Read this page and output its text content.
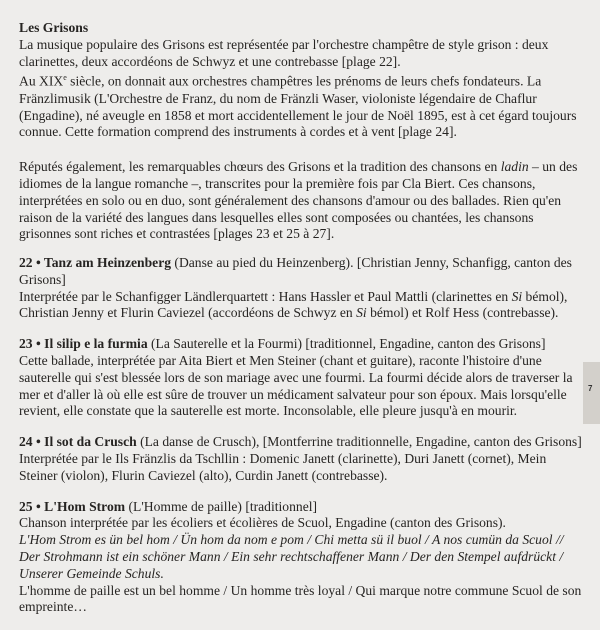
Les Grisons

La musique populaire des Grisons est représentée par l'orchestre champêtre de style grison : deux clarinettes, deux accordéons de Schwyz et une contrebasse [plage 22].
Au XIXe siècle, on donnait aux orchestres champêtres les prénoms de leurs chefs fondateurs. La Fränzlimusik (L'Orchestre de Franz, du nom de Fränzli Waser, violoniste légendaire de Chaflur (Engadine), né aveugle en 1858 et mort accidentellement le jour de Noël 1895, est à cet égard toujours connue. Cette formation comprend des instruments à cordes et à vent [plage 24].

Réputés également, les remarquables chœurs des Grisons et la tradition des chansons en ladin – un des idiomes de la langue romanche –, transcrites pour la première fois par Cla Biert. Ces chansons, interprétées en solo ou en duo, sont généralement des chansons d'amour ou des ballades. Rien qu'en raison de la variété des langues dans lesquelles elles sont composées ou chantées, les chansons grisonnes sont riches et contrastées [plages 23 et 25 à 27].

22 • Tanz am Heinzenberg (Danse au pied du Heinzenberg). [Christian Jenny, Schanfigg, canton des Grisons]

Interprétée par le Schanfigger Ländlerquartett : Hans Hassler et Paul Mattli (clarinettes en Si bémol), Christian Jenny et Flurin Caviezel (accordéons de Schwyz en Si bémol) et Rolf Hess (contrebasse).

23 • Il silip e la furmia (La Sauterelle et la Fourmi) [traditionnel, Engadine, canton des Grisons]

Cette ballade, interprétée par Aita Biert et Men Steiner (chant et guitare), raconte l'histoire d'une sauterelle qui s'est blessée lors de son mariage avec une fourmi. La fourmi décide alors de traverser la mer et d'aller là où elle est sûre de trouver un médicament salvateur pour son époux. Mais lorsqu'elle revient, elle constate que la sauterelle est morte. Inconsolable, elle pleure jusqu'à en mourir.

24 • Il sot da Crusch (La danse de Crusch), [Montferrine traditionnelle, Engadine, canton des Grisons]

Interprétée par le Ils Fränzlis da Tschllin : Domenic Janett (clarinette), Duri Janett (cornet), Mein Steiner (violon), Flurin Caviezel (alto), Curdin Janett (contrebasse).

25 • L'Hom Strom (L'Homme de paille) [traditionnel]

Chanson interprétée par les écoliers et écolières de Scuol, Engadine (canton des Grisons).

L'Hom Strom es ün bel hom / Ün hom da nom e pom / Chi metta sü il buol / A nos cumün da Scuol // Der Strohmann ist ein schöner Mann / Ein sehr rechtschaffener Mann / Der den Stempel aufdrückt / Unserer Gemeinde Schuls.

L'homme de paille est un bel homme / Un homme très loyal / Qui marque notre commune Scuol de son empreinte…

7
